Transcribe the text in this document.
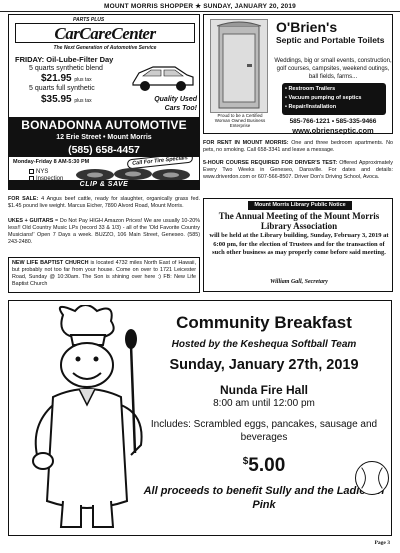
MOUNT MORRIS SHOPPER ★ SUNDAY, JANUARY 20, 2019
PARTS PLUS
CarCareCenter
The Next Generation of Automotive Service
FRIDAY: Oil-Lube-Filter Day
5 quarts synthetic blend
$21.95 plus tax
5 quarts full synthetic
$35.95 plus tax	Quality Used
Cars Too!
BONADONNA AUTOMOTIVE
12 Erie Street • Mount Morris
(585) 658-4457
Monday-Friday 8 AM-5:30 PM	Call For Tire Specials
NYS
CLIP & SAVE
Proud to be a Certified Woman Owned Business Enterprise
O'Brien's
Septic and Portable Toilets
Weddings, big or small events, construction, golf courses, campsites, weekend outings, ball fields, farms...
• Restroom Trailers
• Vacuum pumping of septics
• Repair/Installation
585-766-1221 • 585-335-9466
www.obrienseptic.com
FOR RENT IN MOUNT MORRIS: One and three bedroom apartments. No pets, no smoking. Call 658-3341 and leave a message.
5-HOUR COURSE REQUIRED FOR DRIVER'S TEST: Offered Approximately Every Two Weeks in Geneseo, Dansville. For dates and details: www.driverdon.com or 607-566-8507. Driver Don's Driving School, Avoca.
FOR SALE: 4 Angus beef cattle, ready for slaughter, organically grass fed. $1.45 pound live weight. Marcus Eicher, 7890 Alvord Road, Mount Morris.
UKES + GUITARS = Do Not Pay HIGH Amazon Prices! We are usually 10-20% less!! Old Country Music LPs (record 33 & 1/3) - all of the 'Old Favorite Country Musicians!' Open 7 Days a week. BUZZO, 106 Main Street, Geneseo. (585) 243-2480.
NEW LIFE BAPTIST CHURCH is located 4732 miles North East of Hawaii, but probably not too far from your house. Come on over to 1721 Leicester Road, Sunday @ 10:30am. The Son is shining over here :) FB: New Life Baptist Church
Mount Morris Library Public Notice
The Annual Meeting of the Mount Morris Library Association
will be held at the Library building, Sunday, February 3, 2019 at 6:00 pm, for the election of Trustees and for the transaction of such other business as may properly come before said meeting.
William Gall, Secretary
Community Breakfast
Hosted by the Keshequa Softball Team
Sunday, January 27th, 2019
Nunda Fire Hall
8:00 am until 12:00 pm
Includes: Scrambled eggs, pancakes, sausage and beverages
$5.00
All proceeds to benefit Sully and the Ladies in Pink
Page 3
